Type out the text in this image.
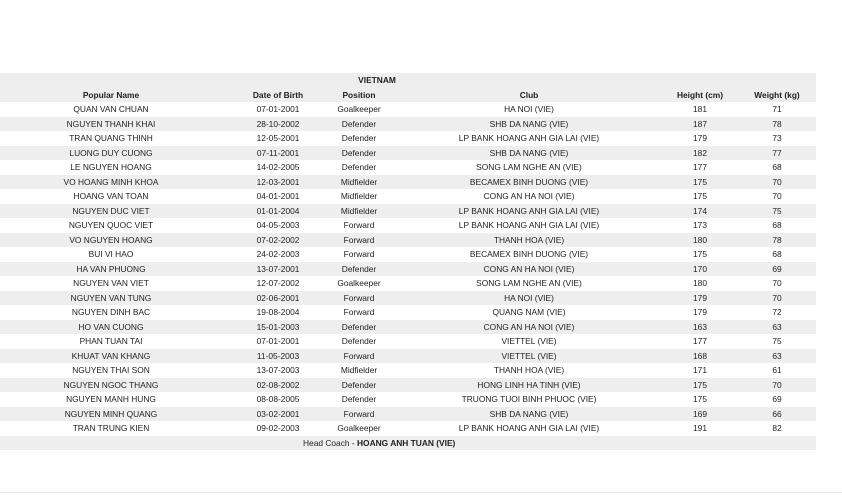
VIETNAM
Popular Name	Date of Birth	Position	Club	Height (cm)	Weight (kg)
QUAN VAN CHUAN	07-01-2001	Goalkeeper	HA NOI (VIE)	181	71
NGUYEN THANH KHAI	28-10-2002	Defender	SHB DA NANG (VIE)	187	78
TRAN QUANG THINH	12-05-2001	Defender	LP BANK HOANG ANH GIA LAI (VIE)	179	73
LUONG DUY CUONG	07-11-2001	Defender	SHB DA NANG (VIE)	182	77
LE NGUYEN HOANG	14-02-2005	Defender	SONG LAM NGHE AN (VIE)	177	68
VO HOANG MINH KHOA	12-03-2001	Midfielder	BECAMEX BINH DUONG (VIE)	175	70
HOANG VAN TOAN	04-01-2001	Midfielder	CONG AN HA NOI (VIE)	175	70
NGUYEN DUC VIET	01-01-2004	Midfielder	LP BANK HOANG ANH GIA LAI (VIE)	174	75
NGUYEN QUOC VIET	04-05-2003	Forward	LP BANK HOANG ANH GIA LAI (VIE)	173	68
VO NGUYEN HOANG	07-02-2002	Forward	THANH HOA (VIE)	180	78
BUI VI HAO	24-02-2003	Forward	BECAMEX BINH DUONG (VIE)	175	68
HA VAN PHUONG	13-07-2001	Defender	CONG AN HA NOI (VIE)	170	69
NGUYEN VAN VIET	12-07-2002	Goalkeeper	SONG LAM NGHE AN (VIE)	180	70
NGUYEN VAN TUNG	02-06-2001	Forward	HA NOI (VIE)	179	70
NGUYEN DINH BAC	19-08-2004	Forward	QUANG NAM (VIE)	179	72
HO VAN CUONG	15-01-2003	Defender	CONG AN HA NOI (VIE)	163	63
PHAN TUAN TAI	07-01-2001	Defender	VIETTEL (VIE)	177	75
KHUAT VAN KHANG	11-05-2003	Forward	VIETTEL (VIE)	168	63
NGUYEN THAI SON	13-07-2003	Midfielder	THANH HOA (VIE)	171	61
NGUYEN NGOC THANG	02-08-2002	Defender	HONG LINH HA TINH (VIE)	175	70
NGUYEN MANH HUNG	08-08-2005	Defender	TRUONG TUOI BINH PHUOC (VIE)	175	69
NGUYEN MINH QUANG	03-02-2001	Forward	SHB DA NANG (VIE)	169	66
TRAN TRUNG KIEN	09-02-2003	Goalkeeper	LP BANK HOANG ANH GIA LAI (VIE)	191	82
Head Coach - HOANG ANH TUAN (VIE)
